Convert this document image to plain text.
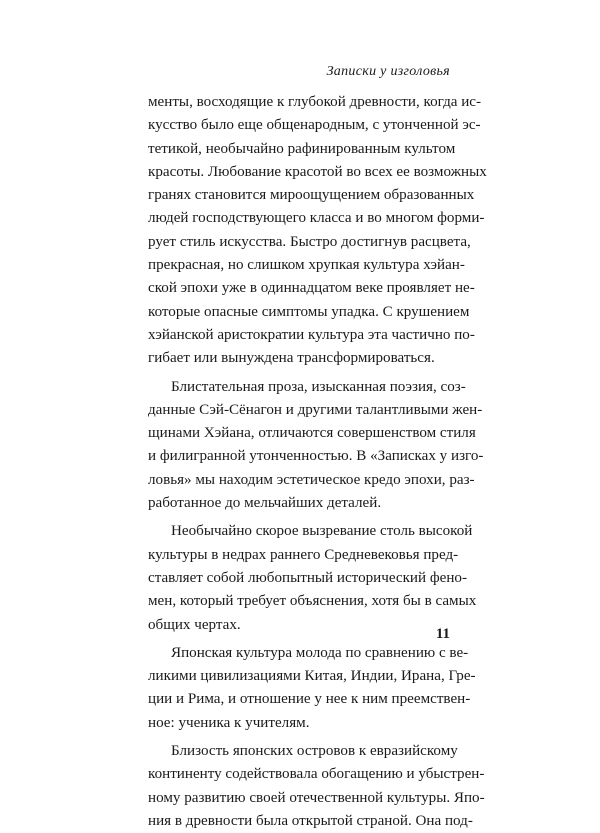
Записки у изголовья
менты, восходящие к глубокой древности, когда ис-
кусство было еще общенародным, с утонченной эс-
тетикой, необычайно рафинированным культом
красоты. Любование красотой во всех ее возможных
гранях становится мироощущением образованных
людей господствующего класса и во многом форми-
рует стиль искусства. Быстро достигнув расцвета,
прекрасная, но слишком хрупкая культура хэйан-
ской эпохи уже в одиннадцатом веке проявляет не-
которые опасные симптомы упадка. С крушением
хэйанской аристократии культура эта частично по-
гибает или вынуждена трансформироваться.
Блистательная проза, изысканная поэзия, соз-
данные Сэй-Сёнагон и другими талантливыми жен-
щинами Хэйана, отличаются совершенством стиля
и филигранной утонченностью. В «Записках у изго-
ловья» мы находим эстетическое кредо эпохи, раз-
работанное до мельчайших деталей.
Необычайно скорое вызревание столь высокой
культуры в недрах раннего Средневековья пред-
ставляет собой любопытный исторический фено-
мен, который требует объяснения, хотя бы в самых
общих чертах.
Японская культура молода по сравнению с ве-
ликими цивилизациями Китая, Индии, Ирана, Гре-
ции и Рима, и отношение у нее к ним преемствен-
ное: ученика к учителям.
Близость японских островов к евразийскому
континенту содействовала обогащению и убыстрен-
ному развитию своей отечественной культуры. Япо-
ния в древности была открытой страной. Она под-
11
